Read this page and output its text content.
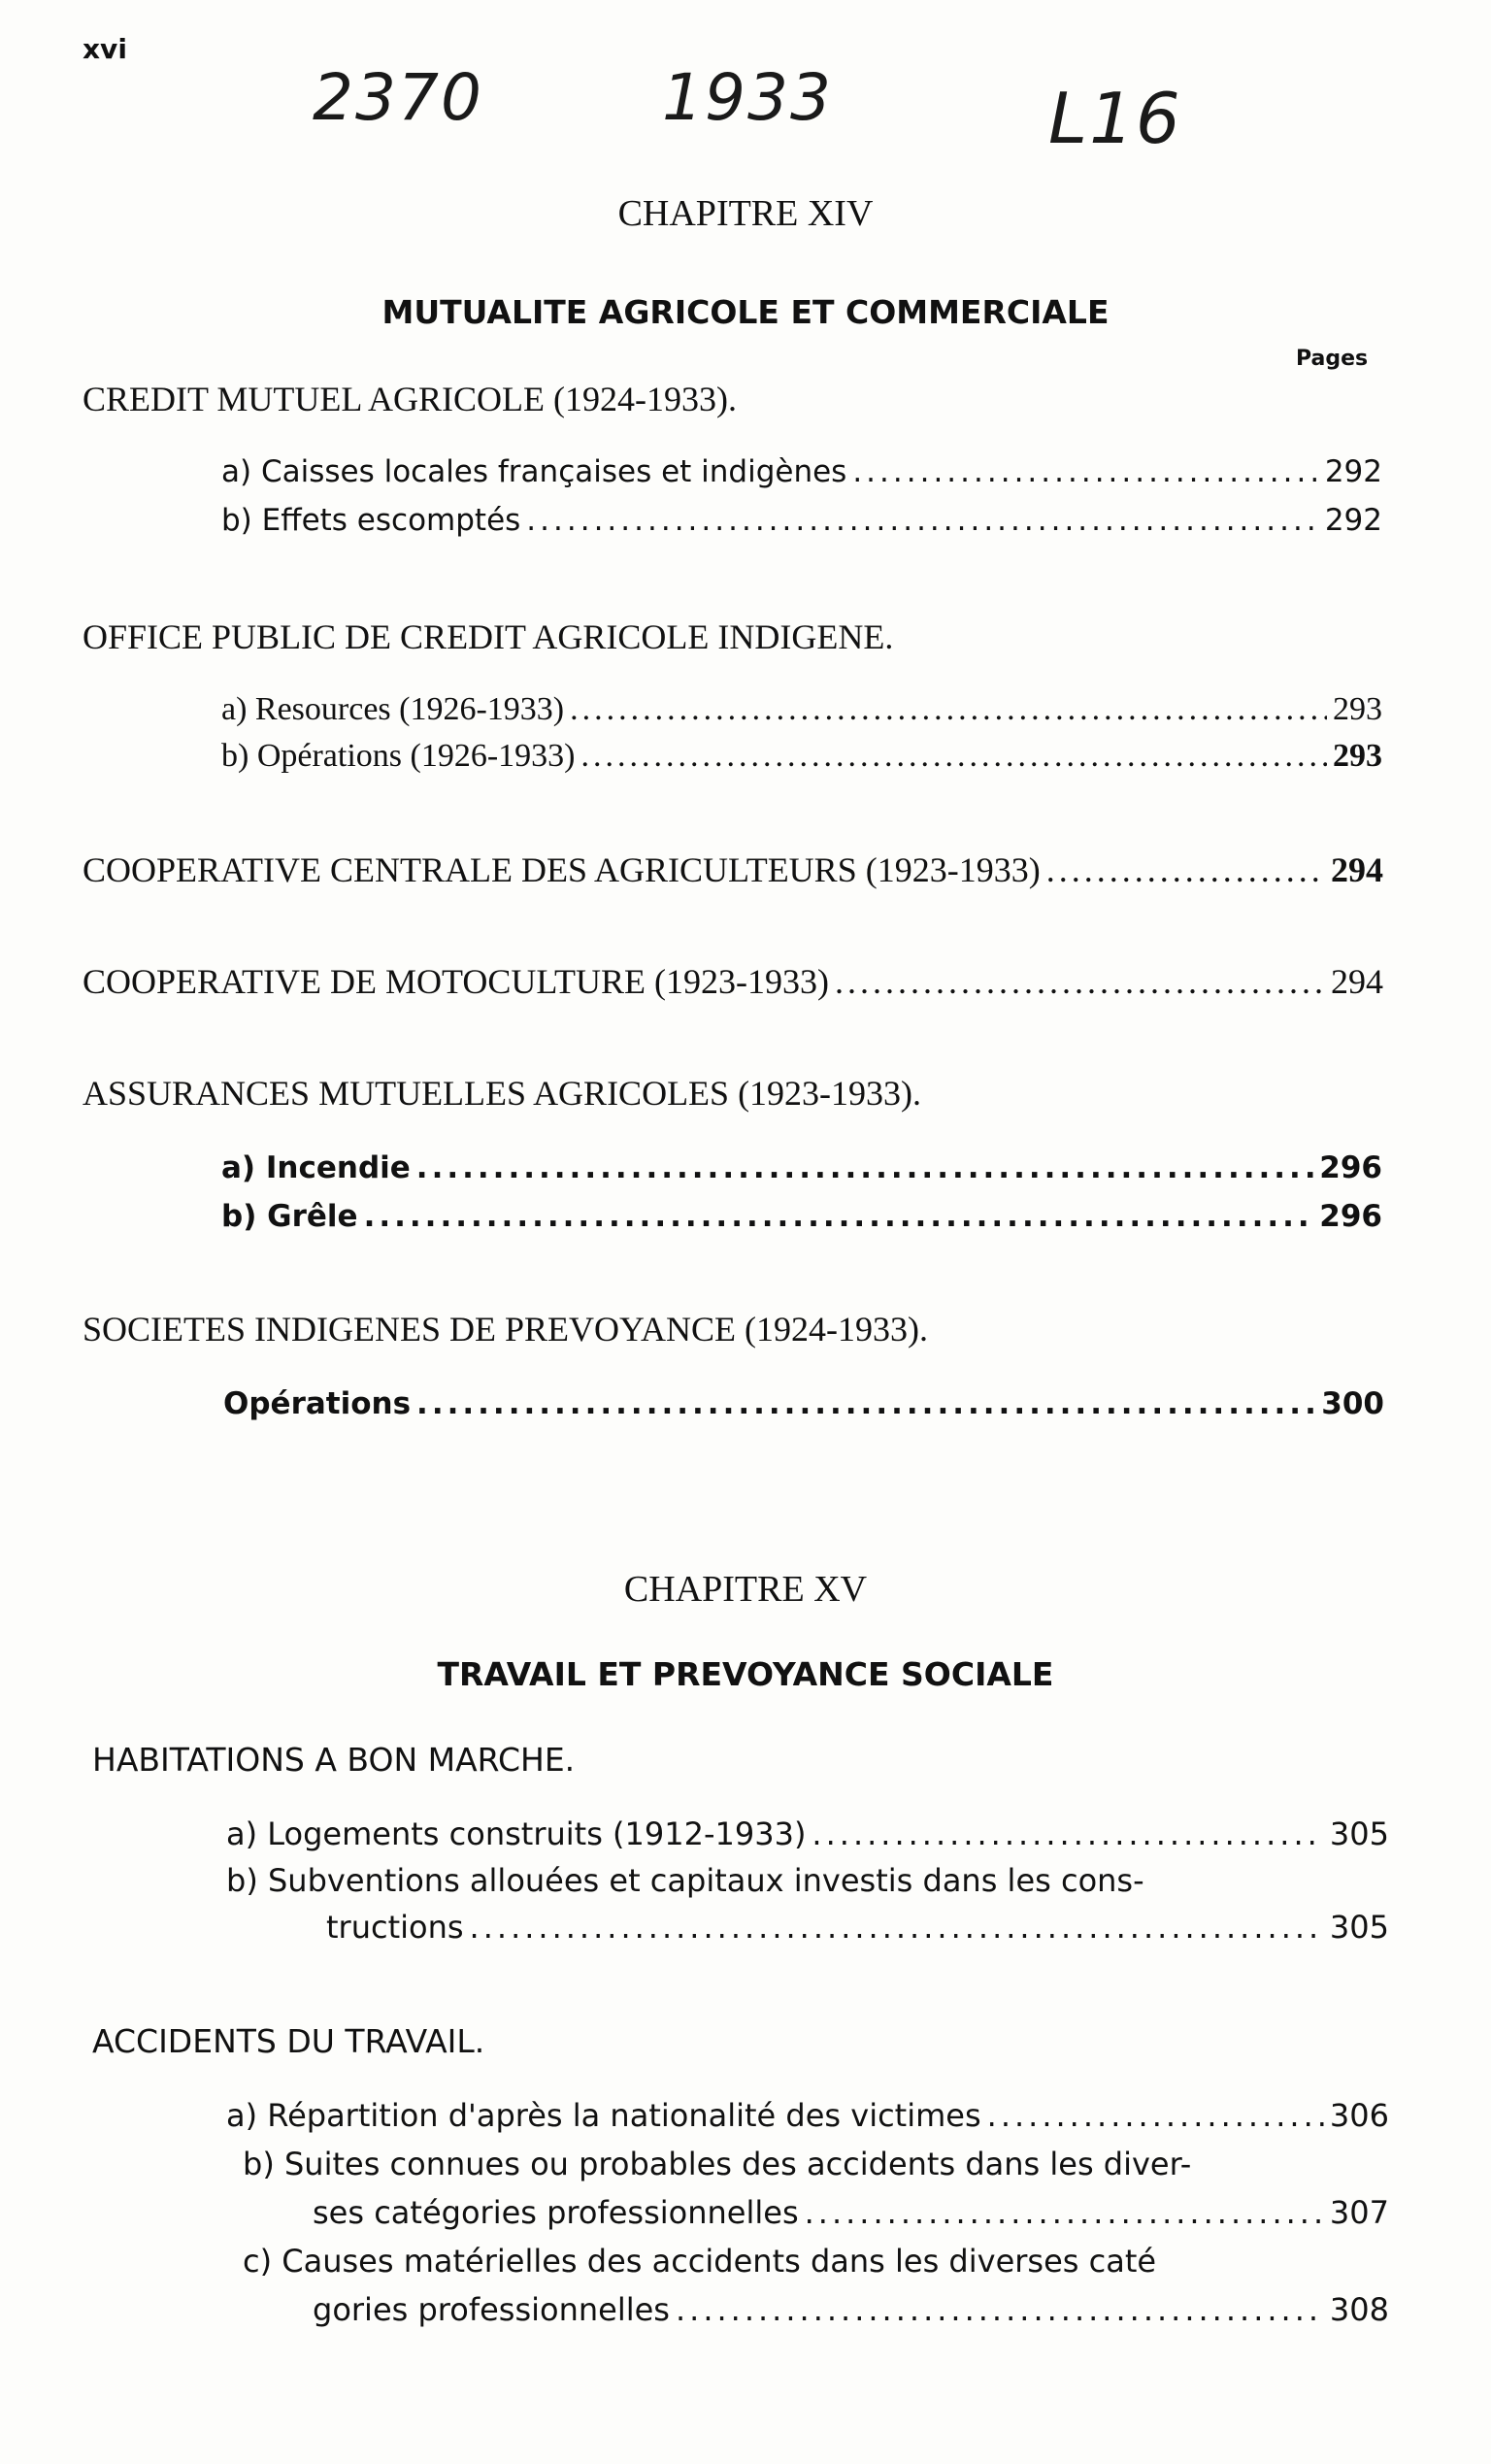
xvi
2370	1933	L16
CHAPITRE XIV
MUTUALITE AGRICOLE ET COMMERCIALE
Pages
CREDIT MUTUEL AGRICOLE (1924-1933).
a) Caisses locales françaises et indigènes .....	292
b) Effets escomptés .....	292
OFFICE PUBLIC DE CREDIT AGRICOLE INDIGENE.
a) Resources (1926-1933) .....	293
b) Opérations (1926-1933) .....	293
COOPERATIVE CENTRALE DES AGRICULTEURS (1923-1933) .....	294
COOPERATIVE DE MOTOCULTURE (1923-1933) .....	294
ASSURANCES MUTUELLES AGRICOLES (1923-1933).
a) Incendie .....	296
b) Grêle .....	296
SOCIETES INDIGENES DE PREVOYANCE (1924-1933).
Opérations .....	300
CHAPITRE XV
TRAVAIL ET PREVOYANCE SOCIALE
HABITATIONS A BON MARCHE.
a) Logements construits (1912-1933) .....	305
b) Subventions allouées et capitaux investis dans les cons-
tructions .....	305
ACCIDENTS DU TRAVAIL.
a) Répartition d'après la nationalité des victimes .....	306
b) Suites connues ou probables des accidents dans les diver-
ses catégories professionnelles .....	307
c) Causes matérielles des accidents dans les diverses caté
gories professionnelles .....	308
